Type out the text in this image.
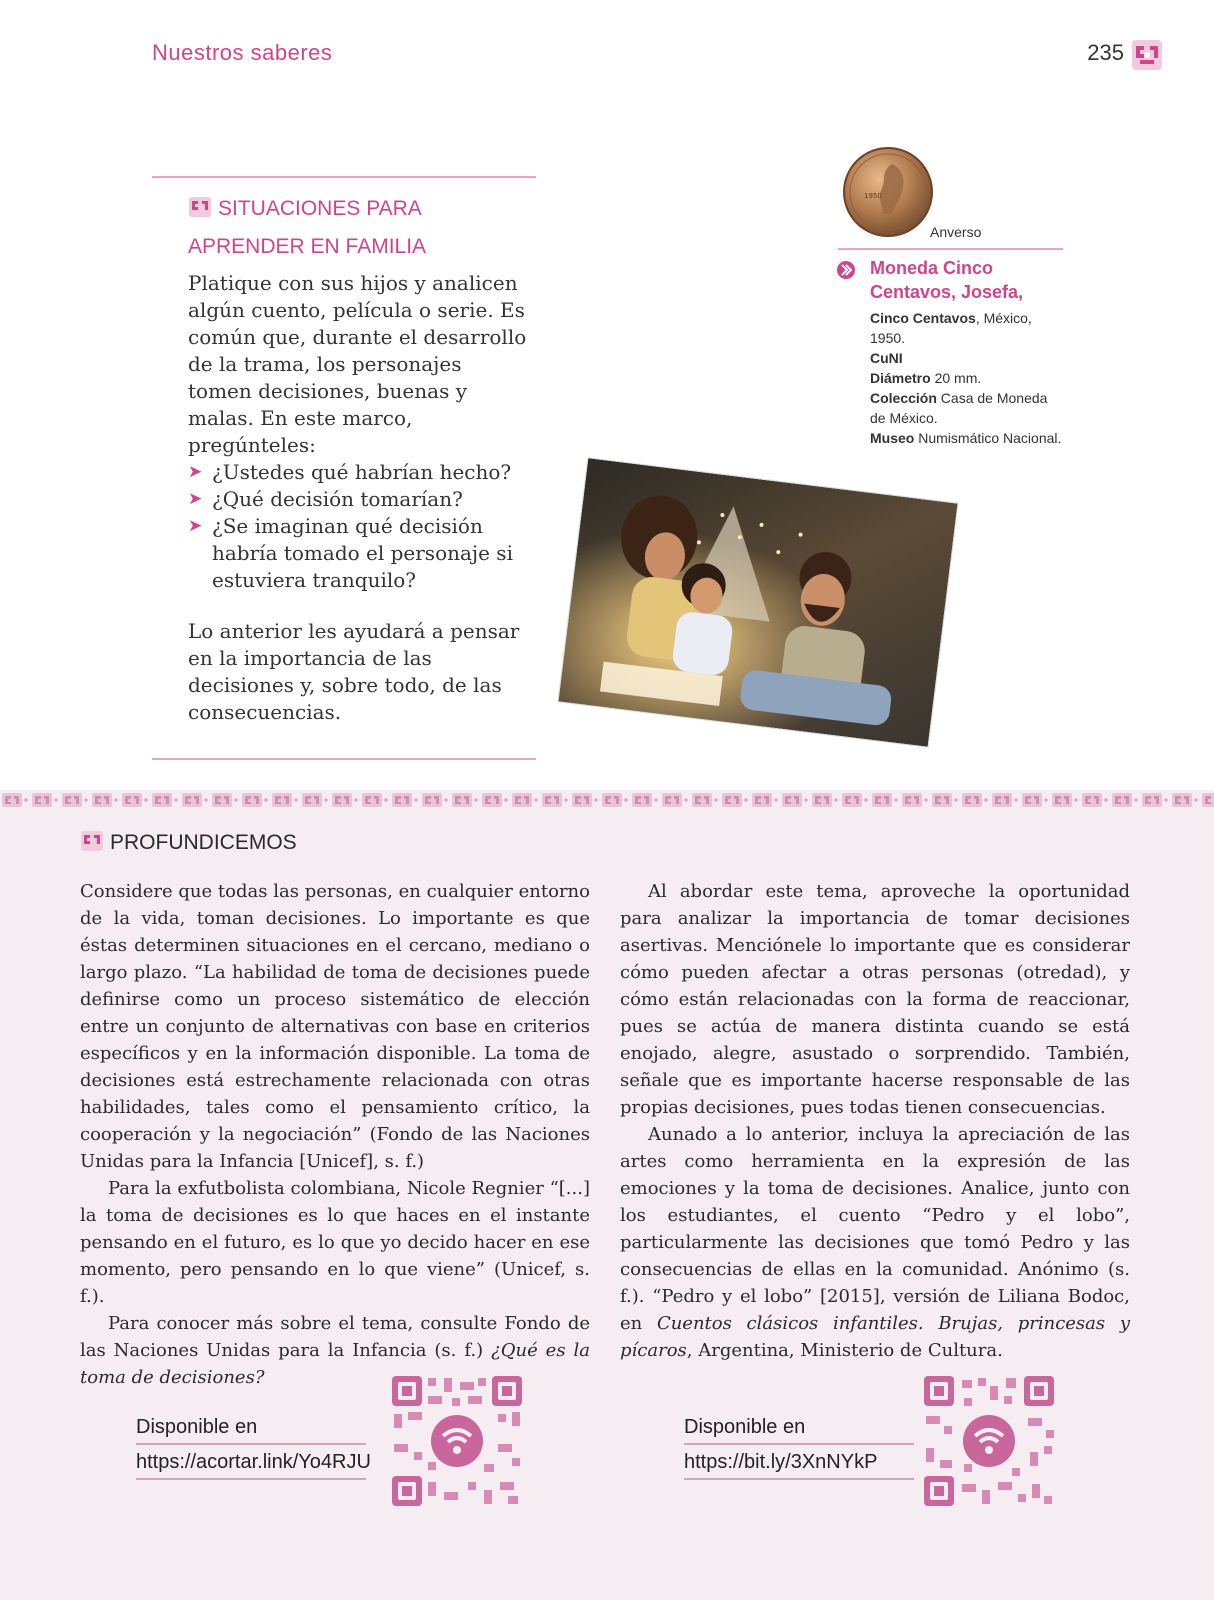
Nuestros saberes	235
SITUACIONES PARA
APRENDER EN FAMILIA

Platique con sus hijos y analicen algún cuento, película o serie. Es común que, durante el desarrollo de la trama, los personajes tomen decisiones, buenas y malas. En este marco, pregúnteles:

➤ ¿Ustedes qué habrían hecho?
➤ ¿Qué decisión tomarían?
➤ ¿Se imaginan qué decisión habría tomado el personaje si estuviera tranquilo?

Lo anterior les ayudará a pensar en la importancia de las decisiones y, sobre todo, de las consecuencias.

1950
Anverso
Moneda Cinco Centavos, Josefa,
Cinco Centavos, México, 1950.
CuNI
Diámetro 20 mm.
Colección Casa de Moneda de México.
Museo Numismático Nacional.
PROFUNDICEMOS

Considere que todas las personas, en cualquier entorno de la vida, toman decisiones. Lo importante es que éstas determinen situaciones en el cercano, mediano o largo plazo. “La habilidad de toma de decisiones puede definirse como un proceso sistemático de elección entre un conjunto de alternativas con base en criterios específicos y en la información disponible. La toma de decisiones está estrechamente relacionada con otras habilidades, tales como el pensamiento crítico, la cooperación y la negociación” (Fondo de las Naciones Unidas para la Infancia [Unicef], s. f.)

Para la exfutbolista colombiana, Nicole Regnier “[...] la toma de decisiones es lo que haces en el instante pensando en el futuro, es lo que yo decido hacer en ese momento, pero pensando en lo que viene” (Unicef, s. f.).

Para conocer más sobre el tema, consulte Fondo de las Naciones Unidas para la Infancia (s. f.) ¿Qué es la toma de decisiones?

Al abordar este tema, aproveche la oportunidad para analizar la importancia de tomar decisiones asertivas. Menciónele lo importante que es considerar cómo pueden afectar a otras personas (otredad), y cómo están relacionadas con la forma de reaccionar, pues se actúa de manera distinta cuando se está enojado, alegre, asustado o sorprendido. También, señale que es importante hacerse responsable de las propias decisiones, pues todas tienen consecuencias.

Aunado a lo anterior, incluya la apreciación de las artes como herramienta en la expresión de las emociones y la toma de decisiones. Analice, junto con los estudiantes, el cuento “Pedro y el lobo”, particularmente las decisiones que tomó Pedro y las consecuencias de ellas en la comunidad. Anónimo (s. f.). “Pedro y el lobo” [2015], versión de Liliana Bodoc, en Cuentos clásicos infantiles. Brujas, princesas y pícaros, Argentina, Ministerio de Cultura.

Disponible en
https://acortar.link/Yo4RJU
Disponible en
https://bit.ly/3XnNYkP
